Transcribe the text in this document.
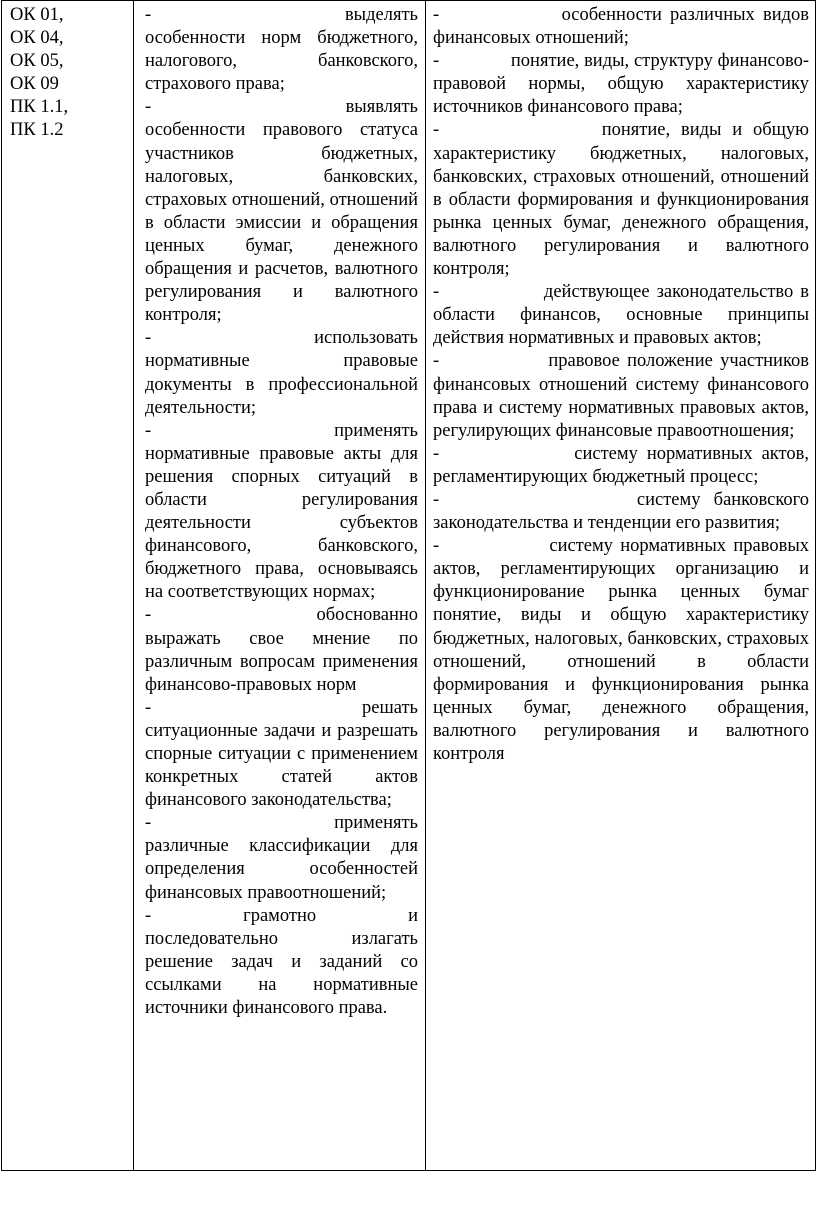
ОК 01,
ОК 04,
ОК 05,
ОК 09
ПК 1.1,
ПК 1.2

-                выделять
особенности норм бюджетного, налогового, банковского, страхового права;
-                выявлять
особенности правового статуса участников бюджетных, налоговых, банковских, страховых отношений, отношений в области эмиссии и обращения ценных бумаг, денежного обращения и расчетов, валютного регулирования и валютного контроля;
-                использовать
нормативные правовые документы в профессиональной деятельности;
-                применять
нормативные правовые акты для решения спорных ситуаций в области регулирования деятельности субъектов финансового, банковского, бюджетного права, основываясь на соответствующих нормах;
-                обоснованно
выражать свое мнение по различным вопросам применения финансово-правовых норм
-                решать
ситуационные задачи и разрешать спорные ситуации с применением конкретных статей актов финансового законодательства;
-                применять
различные классификации для определения особенностей финансовых правоотношений;
-                грамотно                и
последовательно излагать решение задач и заданий со ссылками на нормативные источники финансового права.

-               особенности различных видов финансовых отношений;
-               понятие, виды, структуру финансово-правовой нормы, общую характеристику источников финансового права;
-               понятие, виды и общую характеристику бюджетных, налоговых, банковских, страховых отношений, отношений в области формирования и функционирования рынка ценных бумаг, денежного обращения, валютного регулирования и валютного контроля;
-               действующее законодательство в области финансов, основные принципы действия нормативных и правовых актов;
-               правовое положение участников финансовых отношений систему финансового права и систему нормативных правовых актов, регулирующих финансовые правоотношения;
-               систему нормативных актов, регламентирующих бюджетный процесс;
-               систему банковского законодательства и тенденции его развития;
-               систему нормативных правовых актов, регламентирующих организацию и функционирование рынка ценных бумаг понятие, виды и общую характеристику бюджетных, налоговых, банковских, страховых отношений, отношений в области формирования и функционирования рынка ценных бумаг, денежного обращения, валютного регулирования и валютного контроля
